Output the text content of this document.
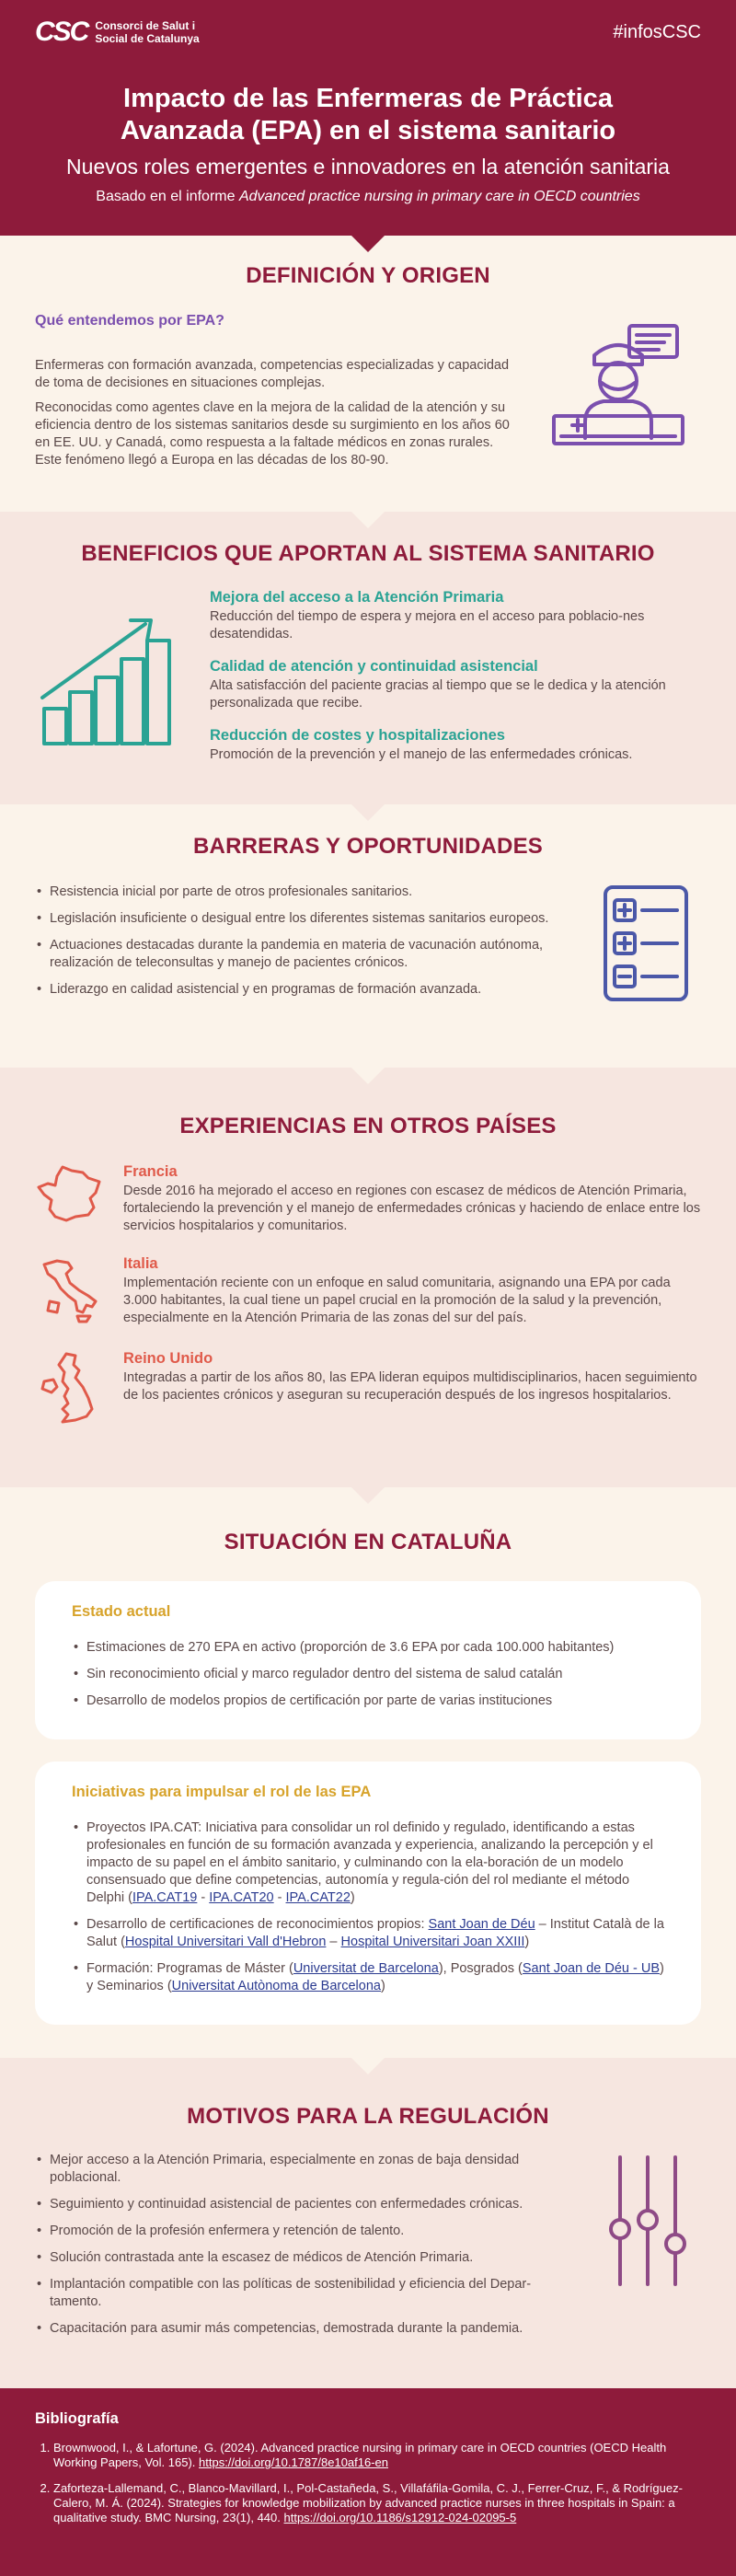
CSC Consorci de Salut i
Social de Catalunya	#infosCSC
Impacto de las Enfermeras de Práctica
Avanzada (EPA) en el sistema sanitario
Nuevos roles emergentes e innovadores en la atención sanitaria
Basado en el informe Advanced practice nursing in primary care in OECD countries
DEFINICIÓN Y ORIGEN
Qué entendemos por EPA?

Enfermeras con formación avanzada, competencias especializadas y capacidad de toma de decisiones en situaciones complejas.

Reconocidas como agentes clave en la mejora de la calidad de la atención y su eficiencia dentro de los sistemas sanitarios desde su surgimiento en los años 60 en EE. UU. y Canadá, como respuesta a la faltade médicos en zonas rurales. Este fenómeno llegó a Europa en las décadas de los 80-90.

BENEFICIOS QUE APORTAN AL SISTEMA SANITARIO
Mejora del acceso a la Atención Primaria
Reducción del tiempo de espera y mejora en el acceso para poblacio-nes desatendidas.
Calidad de atención y continuidad asistencial
Alta satisfacción del paciente gracias al tiempo que se le dedica y la atención personalizada que recibe.
Reducción de costes y hospitalizaciones
Promoción de la prevención y el manejo de las enfermedades crónicas.
BARRERAS Y OPORTUNIDADES
• Resistencia inicial por parte de otros profesionales sanitarios.
• Legislación insuficiente o desigual entre los diferentes sistemas sanitarios europeos.
• Actuaciones destacadas durante la pandemia en materia de vacunación autónoma, realización de teleconsultas y manejo de pacientes crónicos.
• Liderazgo en calidad asistencial y en programas de formación avanzada.
EXPERIENCIAS EN OTROS PAÍSES
Francia
Desde 2016 ha mejorado el acceso en regiones con escasez de médicos de Atención Primaria, fortaleciendo la prevención y el manejo de enfermedades crónicas y haciendo de enlace entre los servicios hospitalarios y comunitarios.
Italia
Implementación reciente con un enfoque en salud comunitaria, asignando una EPA por cada 3.000 habitantes, la cual tiene un papel crucial en la promoción de la salud y la prevención, especialmente en la Atención Primaria de las zonas del sur del país.
Reino Unido
Integradas a partir de los años 80, las EPA lideran equipos multidisciplinarios, hacen seguimiento de los pacientes crónicos y aseguran su recuperación después de los ingresos hospitalarios.
SITUACIÓN EN CATALUÑA
Estado actual
• Estimaciones de 270 EPA en activo (proporción de 3.6 EPA por cada 100.000 habitantes)
• Sin reconocimiento oficial y marco regulador dentro del sistema de salud catalán
• Desarrollo de modelos propios de certificación por parte de varias instituciones
Iniciativas para impulsar el rol de las EPA
• Proyectos IPA.CAT: Iniciativa para consolidar un rol definido y regulado, identificando a estas profesionales en función de su formación avanzada y experiencia, analizando la percepción y el impacto de su papel en el ámbito sanitario, y culminando con la ela-boración de un modelo consensuado que define competencias, autonomía y regula-ción del rol mediante el método Delphi (IPA.CAT19 - IPA.CAT20 - IPA.CAT22)
• Desarrollo de certificaciones de reconocimientos propios: Sant Joan de Déu – Institut Català de la Salut (Hospital Universitari Vall d'Hebron – Hospital Universitari Joan XXIII)
• Formación: Programas de Máster (Universitat de Barcelona), Posgrados (Sant Joan de Déu - UB) y Seminarios (Universitat Autònoma de Barcelona)
MOTIVOS PARA LA REGULACIÓN
• Mejor acceso a la Atención Primaria, especialmente en zonas de baja densidad poblacional.
• Seguimiento y continuidad asistencial de pacientes con enfermedades crónicas.
• Promoción de la profesión enfermera y retención de talento.
• Solución contrastada ante la escasez de médicos de Atención Primaria.
• Implantación compatible con las políticas de sostenibilidad y eficiencia del Depar-tamento.
• Capacitación para asumir más competencias, demostrada durante la pandemia.
Bibliografía
1. Brownwood, I., & Lafortune, G. (2024). Advanced practice nursing in primary care in OECD countries (OECD Health Working Papers, Vol. 165). https://doi.org/10.1787/8e10af16-en
2. Zaforteza-Lallemand, C., Blanco-Mavillard, I., Pol-Castañeda, S., Villafáfila-Gomila, C. J., Ferrer-Cruz, F., & Rodríguez-Calero, M. Á. (2024). Strategies for knowledge mobilization by advanced practice nurses in three hospitals in Spain: a qualitative study. BMC Nursing, 23(1), 440. https://doi.org/10.1186/s12912-024-02095-5
